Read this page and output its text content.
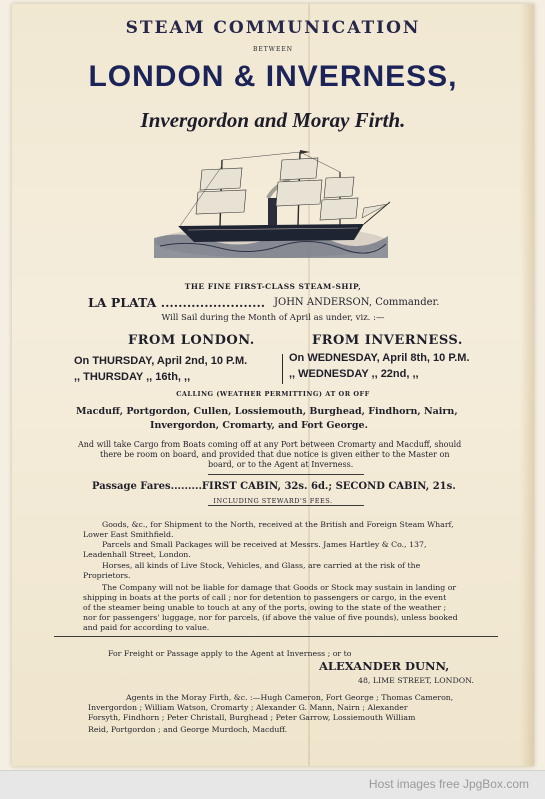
STEAM COMMUNICATION
BETWEEN
LONDON & INVERNESS,
Invergordon and Moray Firth.
THE FINE FIRST-CLASS STEAM-SHIP,
LA PLATA ........................ JOHN ANDERSON, Commander.
Will Sail during the Month of April as under, viz. :—
FROM LONDON.	FROM INVERNESS.
On THURSDAY, April 2nd, 10 P.M.
,, THURSDAY ,, 16th, ,,
On WEDNESDAY, April 8th, 10 P.M.
,, WEDNESDAY ,, 22nd, ,,
CALLING (WEATHER PERMITTING) AT OR OFF
Macduff, Portgordon, Cullen, Lossiemouth, Burghead, Findhorn, Nairn,
Invergordon, Cromarty, and Fort George.
And will take Cargo from Boats coming off at any Port between Cromarty and Macduff, should
there be room on board, and provided that due notice is given either to the Master on
board, or to the Agent at Inverness.
Passage Fares.........FIRST CABIN, 32s. 6d.; SECOND CABIN, 21s.
INCLUDING STEWARD'S FEES.
Goods, &c., for Shipment to the North, received at the British and Foreign Steam Wharf,
Lower East Smithfield.
Parcels and Small Packages will be received at Messrs. James Hartley & Co., 137,
Leadenhall Street, London.
Horses, all kinds of Live Stock, Vehicles, and Glass, are carried at the risk of the
Proprietors.
The Company will not be liable for damage that Goods or Stock may sustain in landing or
shipping in boats at the ports of call ; nor for detention to passengers or cargo, in the event
of the steamer being unable to touch at any of the ports, owing to the state of the weather ;
nor for passengers' luggage, nor for parcels, (if above the value of five pounds), unless booked
and paid for according to value.
For Freight or Passage apply to the Agent at Inverness ; or to
ALEXANDER DUNN,
48, LIME STREET, LONDON.
Agents in the Moray Firth, &c. :—Hugh Cameron, Fort George ; Thomas Cameron,
Invergordon ; William Watson, Cromarty ; Alexander G. Mann, Nairn ; Alexander
Forsyth, Findhorn ; Peter Christall, Burghead ; Peter Garrow, Lossiemouth William
Reid, Portgordon ; and George Murdoch, Macduff.
Host images free JpgBox.com
